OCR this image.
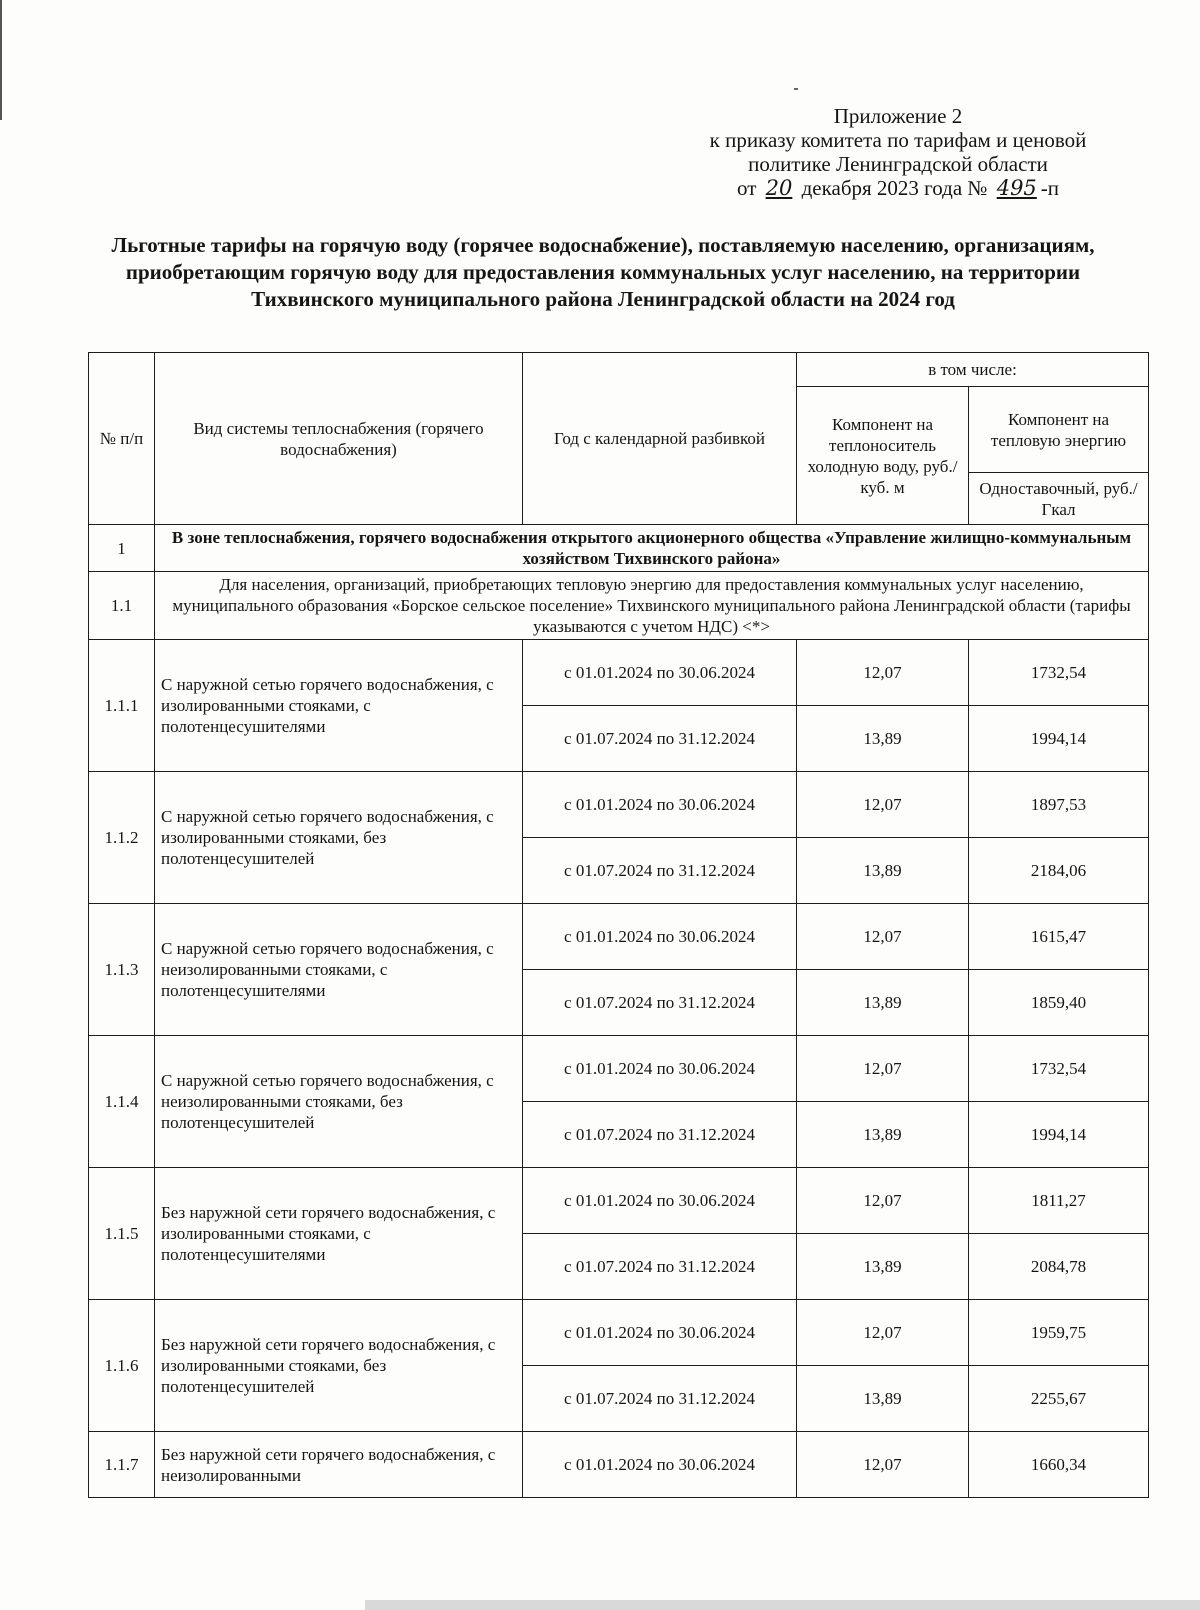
Приложение 2
к приказу комитета по тарифам и ценовой
политике Ленинградской области
от 20 декабря 2023 года № 495 -п
Льготные тарифы на горячую воду (горячее водоснабжение), поставляемую населению, организациям, приобретающим горячую воду для предоставления коммунальных услуг населению, на территории Тихвинского муниципального района Ленинградской области на 2024 год
№ п/п	Вид системы теплоснабжения (горячего водоснабжения)	Год с календарной разбивкой	в том числе:	
			Компонент на теплоноситель холодную воду, руб./куб. м	Компонент на тепловую энергию
				Одноставочный, руб./Гкал
1	В зоне теплоснабжения, горячего водоснабжения открытого акционерного общества «Управление жилищно-коммунальным хозяйством Тихвинского района»			
1.1	Для населения, организаций, приобретающих тепловую энергию для предоставления коммунальных услуг населению, муниципального образования «Борское сельское поселение» Тихвинского муниципального района Ленинградской области (тарифы указываются с учетом НДС) <*>			
1.1.1	С наружной сетью горячего водоснабжения, с изолированными стояками, с полотенцесушителями	с 01.01.2024 по 30.06.2024	12,07	1732,54
		с 01.07.2024 по 31.12.2024	13,89	1994,14
1.1.2	С наружной сетью горячего водоснабжения, с изолированными стояками, без полотенцесушителей	с 01.01.2024 по 30.06.2024	12,07	1897,53
		с 01.07.2024 по 31.12.2024	13,89	2184,06
1.1.3	С наружной сетью горячего водоснабжения, с неизолированными стояками, с полотенцесушителями	с 01.01.2024 по 30.06.2024	12,07	1615,47
		с 01.07.2024 по 31.12.2024	13,89	1859,40
1.1.4	С наружной сетью горячего водоснабжения, с неизолированными стояками, без полотенцесушителей	с 01.01.2024 по 30.06.2024	12,07	1732,54
		с 01.07.2024 по 31.12.2024	13,89	1994,14
1.1.5	Без наружной сети горячего водоснабжения, с изолированными стояками, с полотенцесушителями	с 01.01.2024 по 30.06.2024	12,07	1811,27
		с 01.07.2024 по 31.12.2024	13,89	2084,78
1.1.6	Без наружной сети горячего водоснабжения, с изолированными стояками, без полотенцесушителей	с 01.01.2024 по 30.06.2024	12,07	1959,75
		с 01.07.2024 по 31.12.2024	13,89	2255,67
1.1.7	Без наружной сети горячего водоснабжения, с неизолированными	с 01.01.2024 по 30.06.2024	12,07	1660,34
